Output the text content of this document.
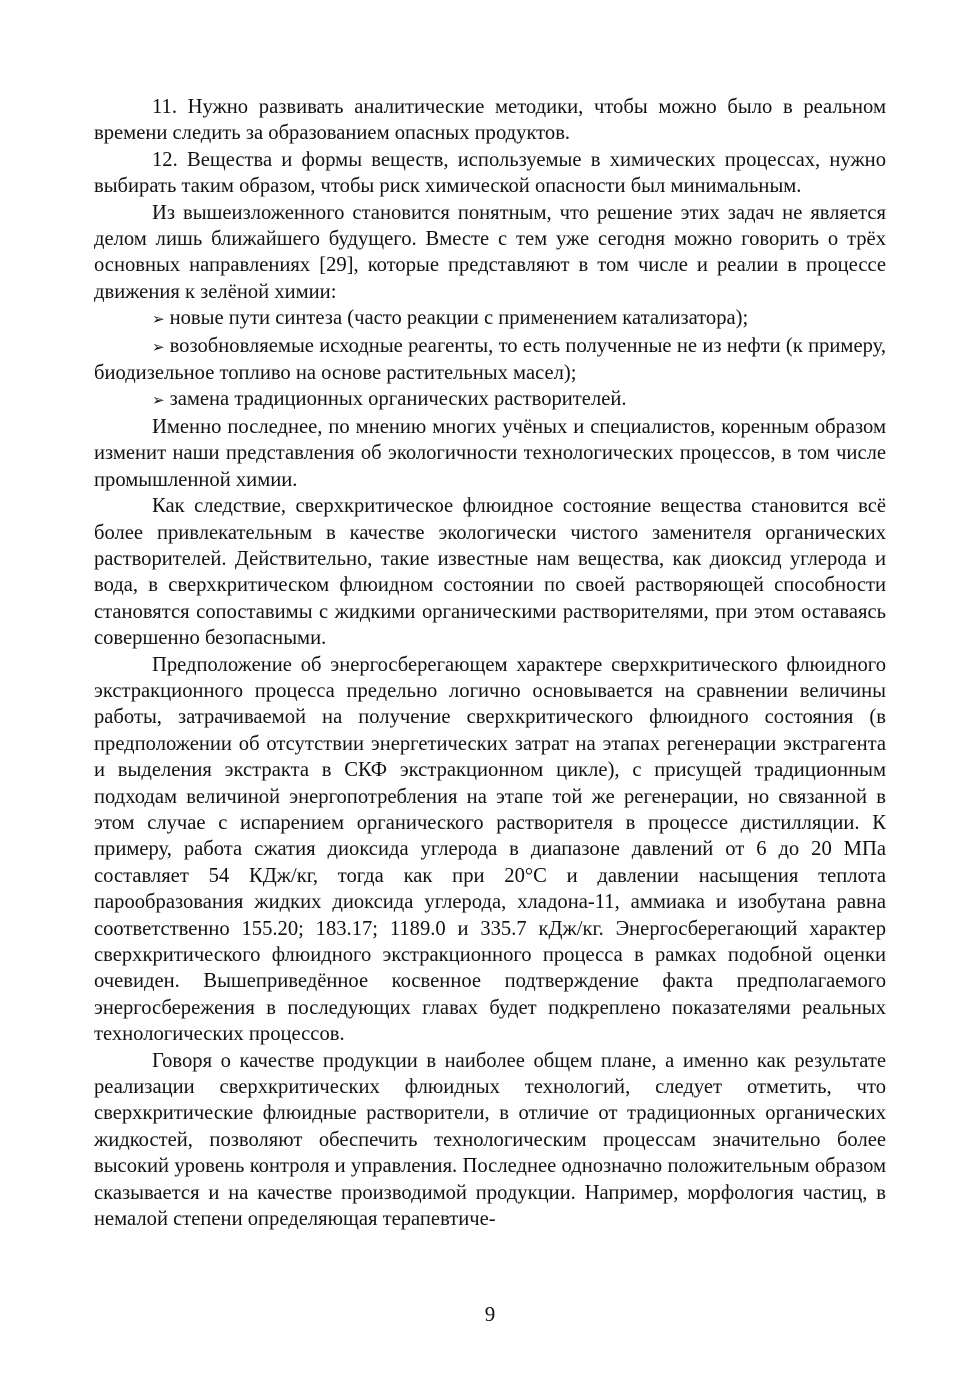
11. Нужно развивать аналитические методики, чтобы можно было в реальном времени следить за образованием опасных продуктов.

12. Вещества и формы веществ, используемые в химических процессах, нужно выбирать таким образом, чтобы риск химической опасности был минимальным.

Из вышеизложенного становится понятным, что решение этих задач не является делом лишь ближайшего будущего. Вместе с тем уже сегодня можно говорить о трёх основных направлениях [29], которые представляют в том числе и реалии в процессе движения к зелёной химии:

➢ новые пути синтеза (часто реакции с применением катализатора);

➢ возобновляемые исходные реагенты, то есть полученные не из нефти (к примеру, биодизельное топливо на основе растительных масел);

➢ замена традиционных органических растворителей.

Именно последнее, по мнению многих учёных и специалистов, коренным образом изменит наши представления об экологичности технологических процессов, в том числе промышленной химии.

Как следствие, сверхкритическое флюидное состояние вещества становится всё более привлекательным в качестве экологически чистого заменителя органических растворителей. Действительно, такие известные нам вещества, как диоксид углерода и вода, в сверхкритическом флюидном состоянии по своей растворяющей способности становятся сопоставимы с жидкими органическими растворителями, при этом оставаясь совершенно безопасными.

Предположение об энергосберегающем характере сверхкритического флюидного экстракционного процесса предельно логично основывается на сравнении величины работы, затрачиваемой на получение сверхкритического флюидного состояния (в предположении об отсутствии энергетических затрат на этапах регенерации экстрагента и выделения экстракта в СКФ экстракционном цикле), с присущей традиционным подходам величиной энергопотребления на этапе той же регенерации, но связанной в этом случае с испарением органического растворителя в процессе дистилляции. К примеру, работа сжатия диоксида углерода в диапазоне давлений от 6 до 20 МПа составляет 54 КДж/кг, тогда как при 20°С и давлении насыщения теплота парообразования жидких диоксида углерода, хладона-11, аммиака и изобутана равна соответственно 155.20; 183.17; 1189.0 и 335.7 кДж/кг. Энергосберегающий характер сверхкритического флюидного экстракционного процесса в рамках подобной оценки очевиден. Вышеприведённое косвенное подтверждение факта предполагаемого энергосбережения в последующих главах будет подкреплено показателями реальных технологических процессов.

Говоря о качестве продукции в наиболее общем плане, а именно как результате реализации сверхкритических флюидных технологий, следует отметить, что сверхкритические флюидные растворители, в отличие от традиционных органических жидкостей, позволяют обеспечить технологическим процессам значительно более высокий уровень контроля и управления. Последнее однозначно положительным образом сказывается и на качестве производимой продукции. Например, морфология частиц, в немалой степени определяющая терапевтиче-

9
